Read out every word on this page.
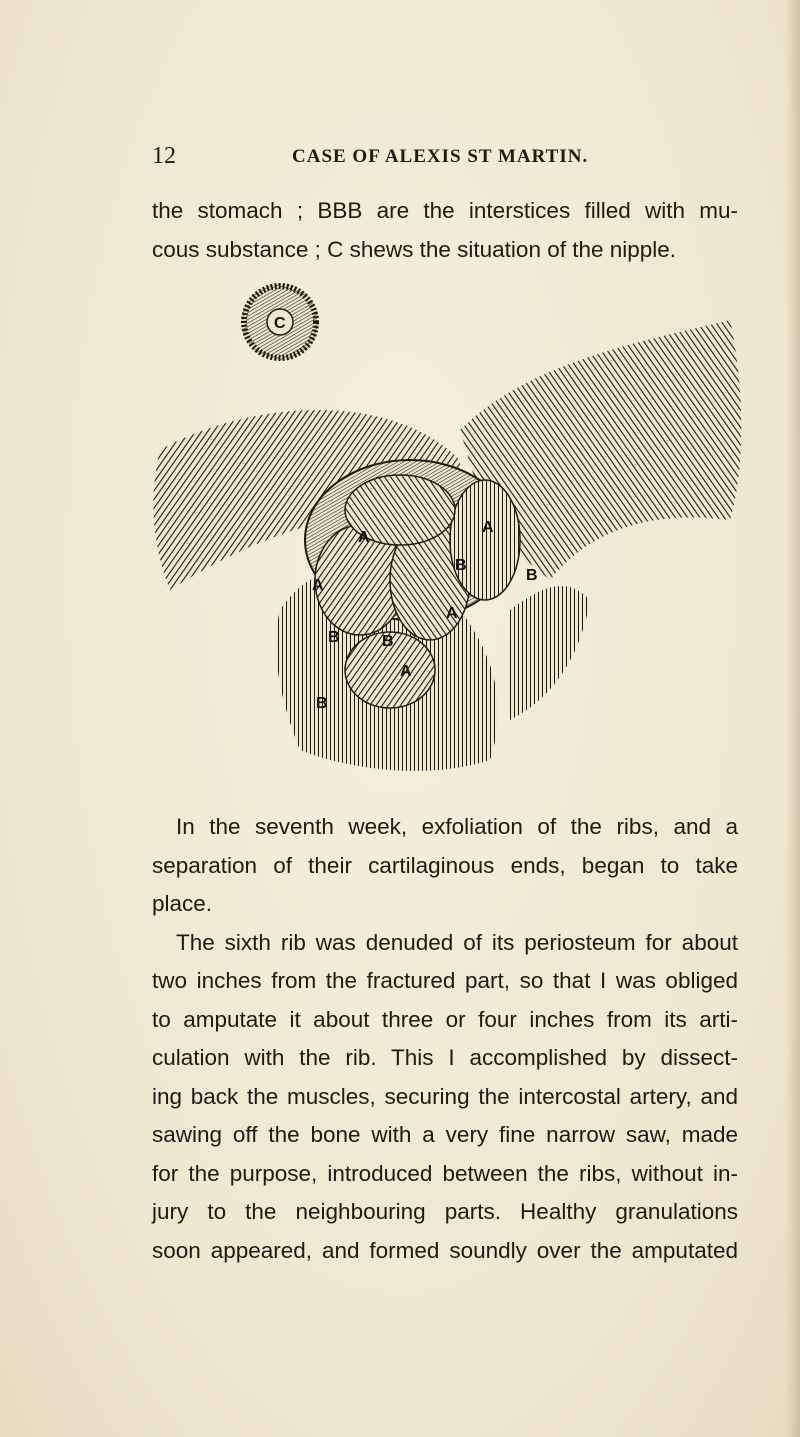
12	CASE OF ALEXIS ST MARTIN.
the stomach ; BBB are the interstices filled with mu-
cous substance ; C shews the situation of the nipple.
C
A
A
A
A
A
B
B
B	B
B
In the seventh week, exfoliation of the ribs, and a
separation of their cartilaginous ends, began to take
place.
The sixth rib was denuded of its periosteum for about
two inches from the fractured part, so that I was obliged
to amputate it about three or four inches from its arti-
culation with the rib. This I accomplished by dissect-
ing back the muscles, securing the intercostal artery, and
sawing off the bone with a very fine narrow saw, made
for the purpose, introduced between the ribs, without in-
jury to the neighbouring parts. Healthy granulations
soon appeared, and formed soundly over the amputated
